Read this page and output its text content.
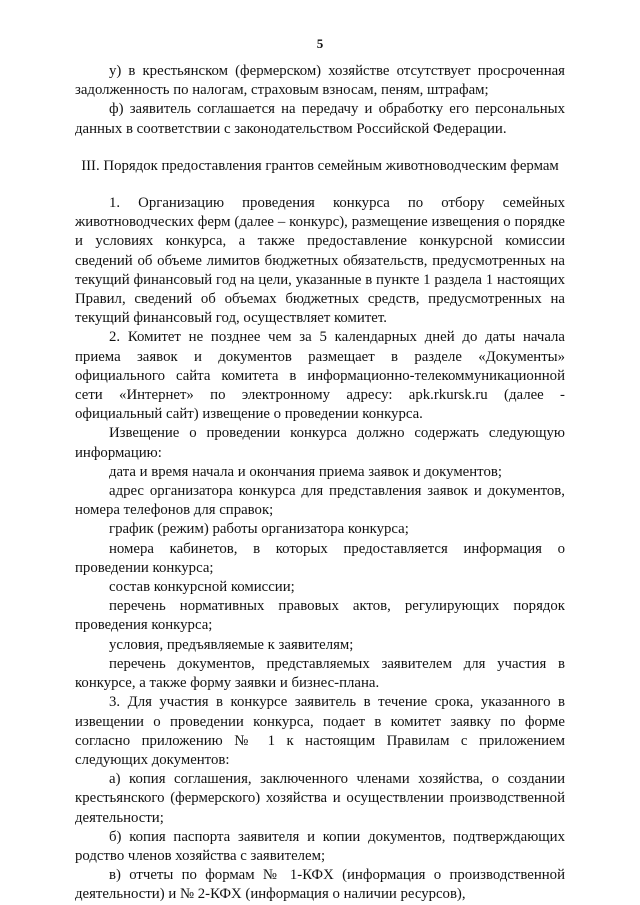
5

у) в крестьянском (фермерском) хозяйстве отсутствует просроченная задолженность по налогам, страховым взносам, пеням, штрафам;

ф) заявитель соглашается на передачу и обработку его персональных данных в соответствии с законодательством Российской Федерации.

III. Порядок предоставления грантов семейным животноводческим фермам

1. Организацию проведения конкурса по отбору семейных животноводческих ферм (далее – конкурс), размещение извещения о порядке и условиях конкурса, а также предоставление конкурсной комиссии сведений об объеме лимитов бюджетных обязательств, предусмотренных на текущий финансовый год на цели, указанные в пункте 1 раздела 1 настоящих Правил, сведений об объемах бюджетных средств, предусмотренных на текущий финансовый год, осуществляет комитет.

2. Комитет не позднее чем за 5 календарных дней до даты начала приема заявок и документов размещает в разделе «Документы» официального сайта комитета в информационно-телекоммуникационной сети «Интернет» по электронному адресу: apk.rkursk.ru (далее - официальный сайт) извещение о проведении конкурса.

Извещение о проведении конкурса должно содержать следующую информацию:

дата и время начала и окончания приема заявок и документов;

адрес организатора конкурса для представления заявок и документов, номера телефонов для справок;

график (режим) работы организатора конкурса;

номера кабинетов, в которых предоставляется информация о проведении конкурса;

состав конкурсной комиссии;

перечень нормативных правовых актов, регулирующих порядок проведения конкурса;

условия, предъявляемые к заявителям;

перечень документов, представляемых заявителем для участия в конкурсе, а также форму заявки и бизнес-плана.

3. Для участия в конкурсе заявитель в течение срока, указанного в извещении о проведении конкурса, подает в комитет заявку по форме согласно приложению № 1 к настоящим Правилам с приложением следующих документов:

а) копия соглашения, заключенного членами хозяйства, о создании крестьянского (фермерского) хозяйства и осуществлении производственной деятельности;

б) копия паспорта заявителя и копии документов, подтверждающих родство членов хозяйства с заявителем;

в) отчеты по формам № 1-КФХ (информация о производственной деятельности) и № 2-КФХ (информация о наличии ресурсов),
